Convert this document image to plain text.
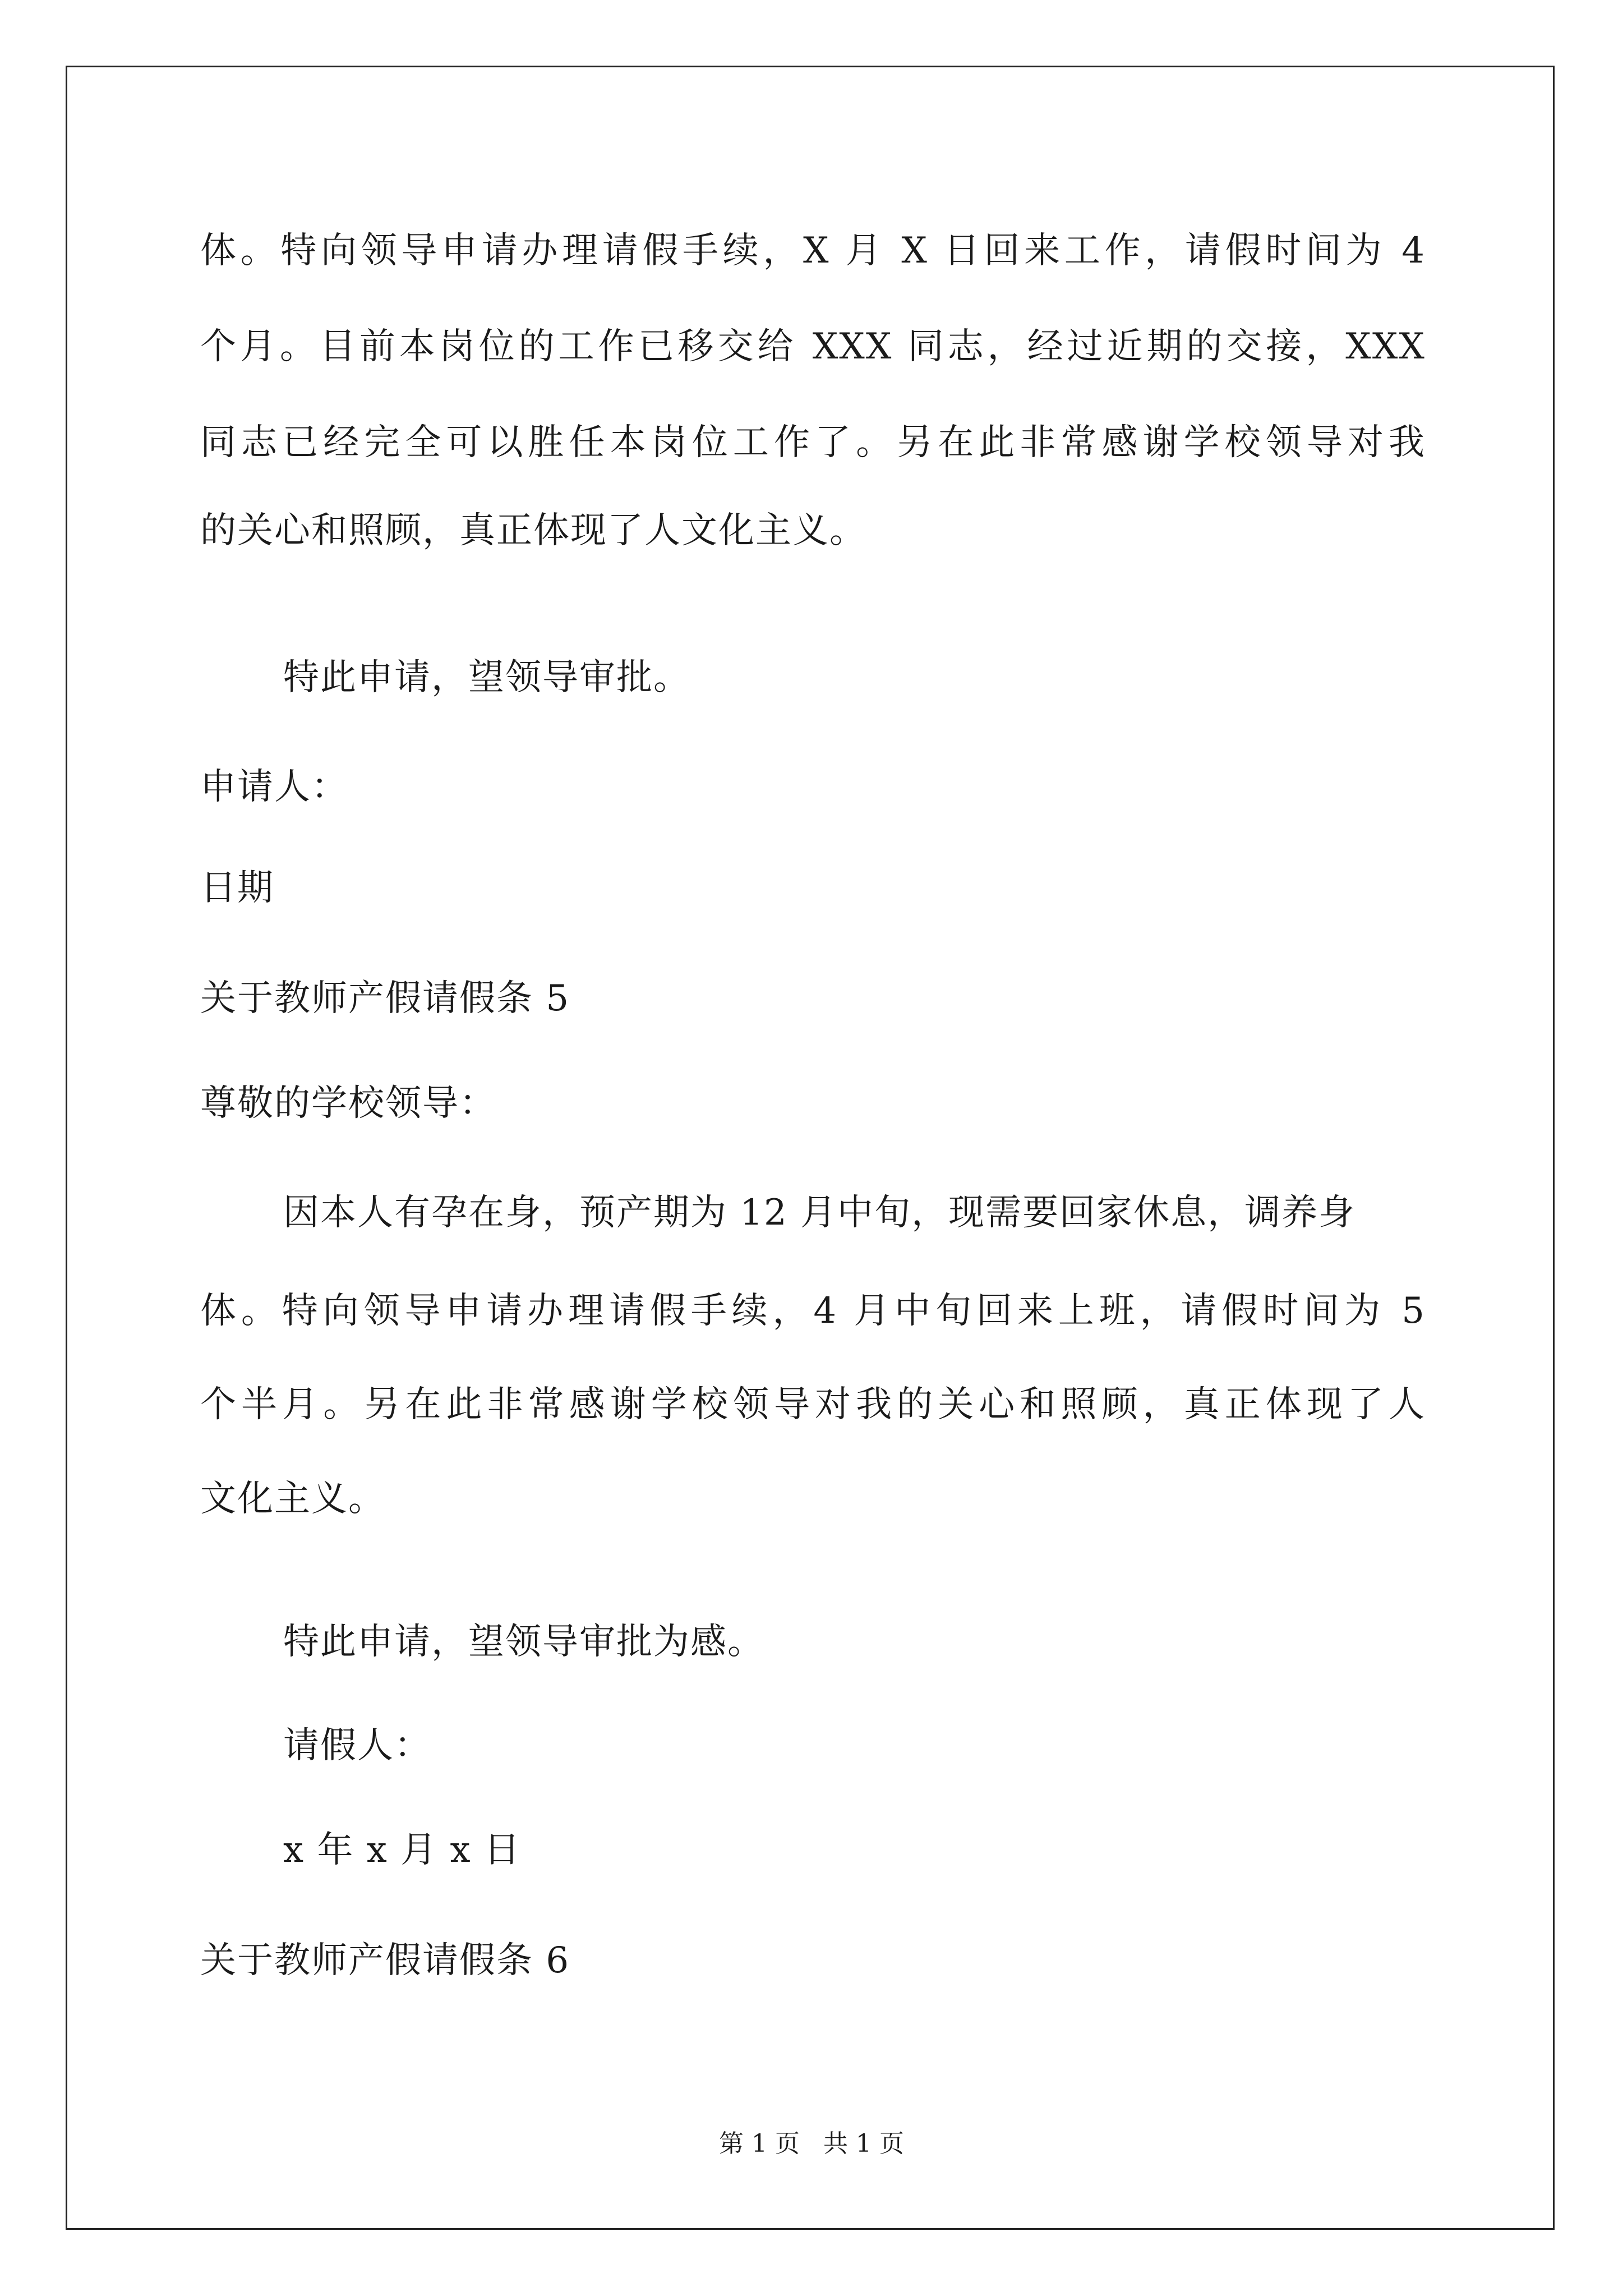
体。特向领导申请办理请假手续，X 月 X 日回来工作，请假时间为 4
个月。目前本岗位的工作已移交给 XXX 同志，经过近期的交接，XXX
同志已经完全可以胜任本岗位工作了。另在此非常感谢学校领导对我
的关心和照顾，真正体现了人文化主义。
特此申请，望领导审批。
申请人：
日期
关于教师产假请假条 5
尊敬的学校领导：
因本人有孕在身，预产期为 12 月中旬，现需要回家休息，调养身
体。特向领导申请办理请假手续，4 月中旬回来上班，请假时间为 5
个半月。另在此非常感谢学校领导对我的关心和照顾，真正体现了人
文化主义。
特此申请，望领导审批为感。
请假人：
x 年 x 月 x 日
关于教师产假请假条 6
第 1 页   共 1 页
